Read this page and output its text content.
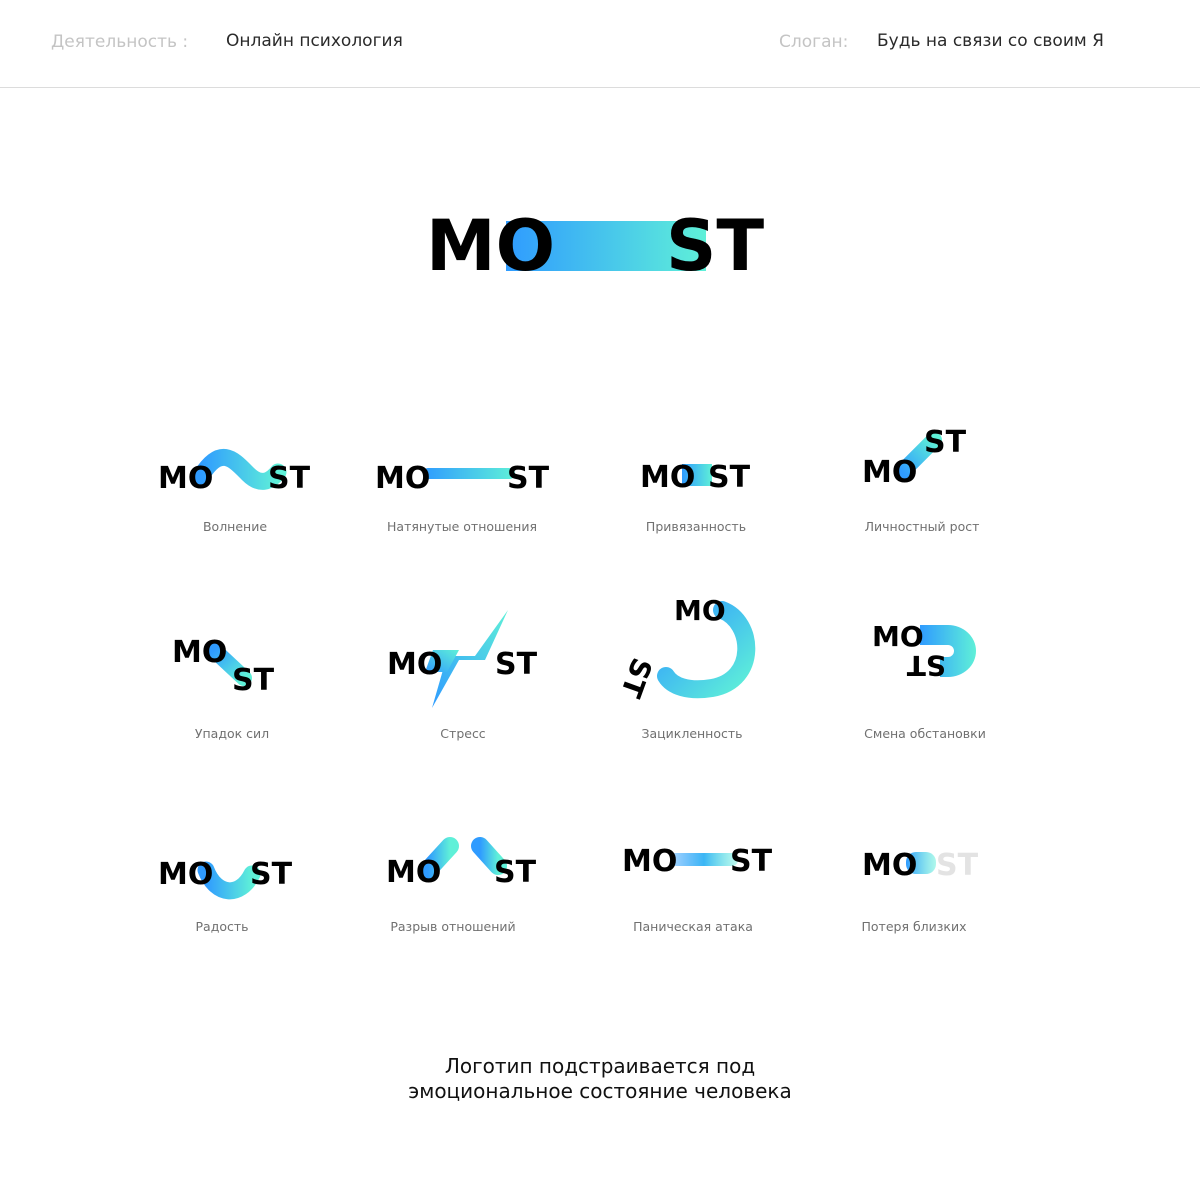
Деятельность : Онлайн психология	Слоган: Будь на связи со своим Я
MO ST
MO ST
Волнение
MO	ST
Натянутые отношения
MO ST
Привязанность
MO
ST
Личностный рост
MO
ST
Упадок сил
MO ST
Стресс
MO
ST
Зацикленность
MO
ST
Смена обстановки
MO ST
Радость
MO ST
Разрыв отношений
MO ST
Паническая атака
MO ST
Потеря близких
Логотип подстраивается под
эмоциональное состояние человека
